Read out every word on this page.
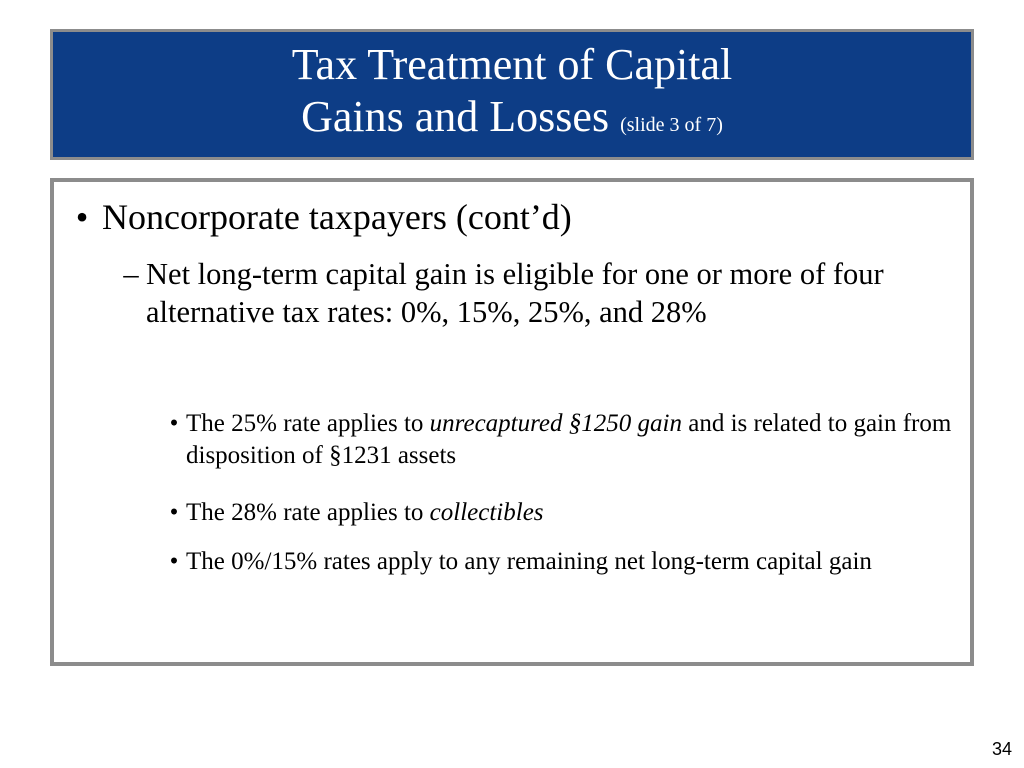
Tax Treatment of Capital
Gains and Losses (slide 3 of 7)
• Noncorporate taxpayers (cont’d)
– Net long-term capital gain is eligible for one or more of four alternative tax rates: 0%, 15%, 25%, and 28%
• The 25% rate applies to unrecaptured §1250 gain and is related to gain from disposition of §1231 assets
• The 28% rate applies to collectibles
• The 0%/15% rates apply to any remaining net long-term capital gain
34
